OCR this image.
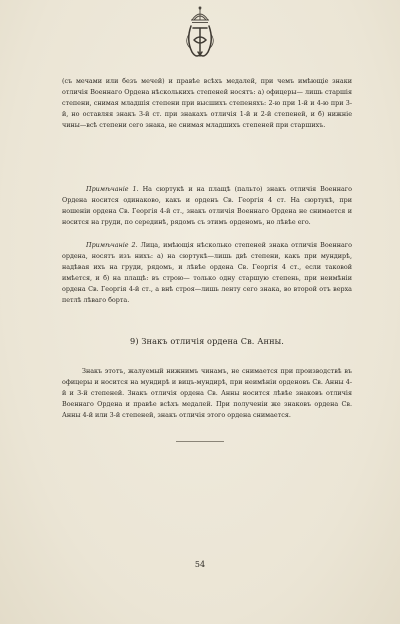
(съ мечами или безъ мечей) и правѣе всѣхъ медалей, при чемъ имѣющіе знаки отличія Военнаго Ордена нѣсколькихъ степеней носятъ: а) офицеры— лишь старшія степени, снимая младшія степени при высшихъ степеняхъ: 2-ю при 1-й и 4-ю при 3-й, но оставляя знакъ 3-й ст. при знакахъ отличія 1-й и 2-й степеней, и б) нижніе чины—всѣ степени сего знака, не снимая младшихъ степеней при старшихъ.
Примѣчаніе 1. На сюртукѣ и на плащѣ (пальто) знакъ отличія Военнаго Ордена носится одинаково, какъ и орденъ Св. Георгія 4 ст. На сюртукѣ, при ношеніи ордена Св. Георгія 4-й ст., знакъ отличія Военнаго Ордена не снимается и носится на груди, по серединѣ, рядомъ съ этимъ орденомъ, но лѣвѣе его.
Примѣчаніе 2. Лица, имѣющія нѣсколько степеней знака отличія Военнаго ордена, носятъ изъ нихъ: а) на сюртукѣ—лишь двѣ степени, какъ при мундирѣ, надѣвая ихъ на груди, рядомъ, и лѣвѣе ордена Св. Георгія 4 ст., если таковой имѣется, и б) на плащѣ: въ строю— только одну старшую степень, при неимѣніи ордена Св. Георгія 4-й ст., а внѣ строя—лишь ленту сего знака, во второй отъ верха петлѣ лѣваго борта.
9) Знакъ отличія ордена Св. Анны.
Знакъ этотъ, жалуемый нижнимъ чинамъ, не снимается при производствѣ въ офицеры и носится на мундирѣ и вицъ-мундирѣ, при неимѣніи орденовъ Св. Анны 4-й и 3-й степеней. Знакъ отличія ордена Св. Анны носится лѣвѣе знаковъ отличія Военнаго Ордена и правѣе всѣхъ медалей. При полученіи же знаковъ ордена Св. Анны 4-й или 3-й степеней, знакъ отличія этого ордена снимается.
54
